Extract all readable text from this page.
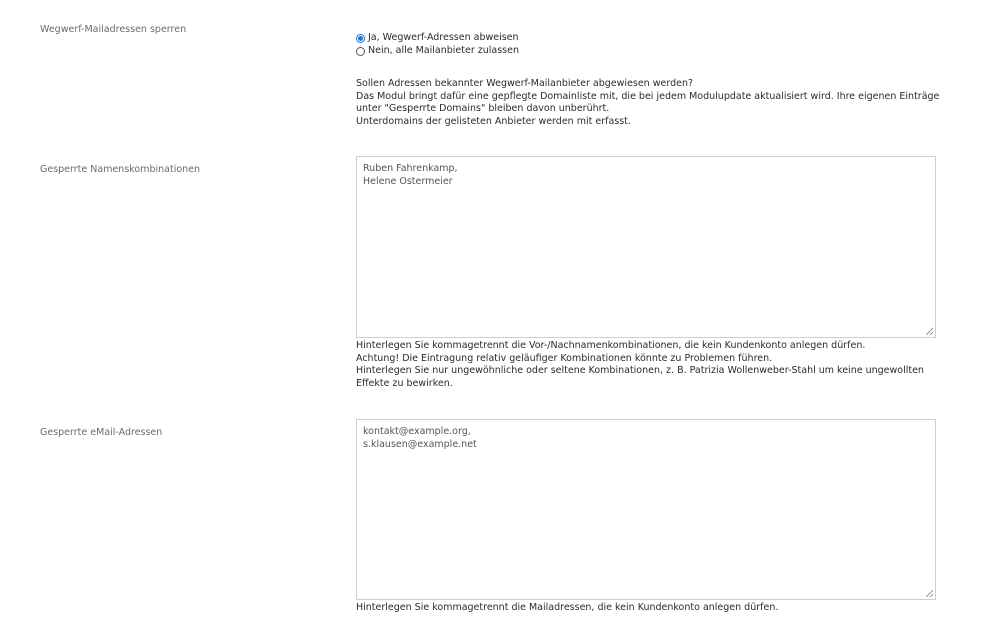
Wegwerf-Mailadressen sperren
Ja, Wegwerf-Adressen abweisen
Nein, alle Mailanbieter zulassen

Sollen Adressen bekannter Wegwerf-Mailanbieter abgewiesen werden?

Das Modul bringt dafür eine gepflegte Domainliste mit, die bei jedem Modulupdate aktualisiert wird. Ihre eigenen Einträge unter "Gesperrte Domains" bleiben davon unberührt.

Unterdomains der gelisteten Anbieter werden mit erfasst.

Gesperrte Namenskombinationen	Ruben Fahrenkamp,
Helene Ostermeier

Hinterlegen Sie kommagetrennt die Vor-/Nachnamenkombinationen, die kein Kundenkonto anlegen dürfen.

Achtung! Die Eintragung relativ geläufiger Kombinationen könnte zu Problemen führen.

Hinterlegen Sie nur ungewöhnliche oder seltene Kombinationen, z. B. Patrizia Wollenweber-Stahl um keine ungewollten Effekte zu bewirken.

Gesperrte eMail-Adressen	kontakt@example.org,
s.klausen@example.net

Hinterlegen Sie kommagetrennt die Mailadressen, die kein Kundenkonto anlegen dürfen.
